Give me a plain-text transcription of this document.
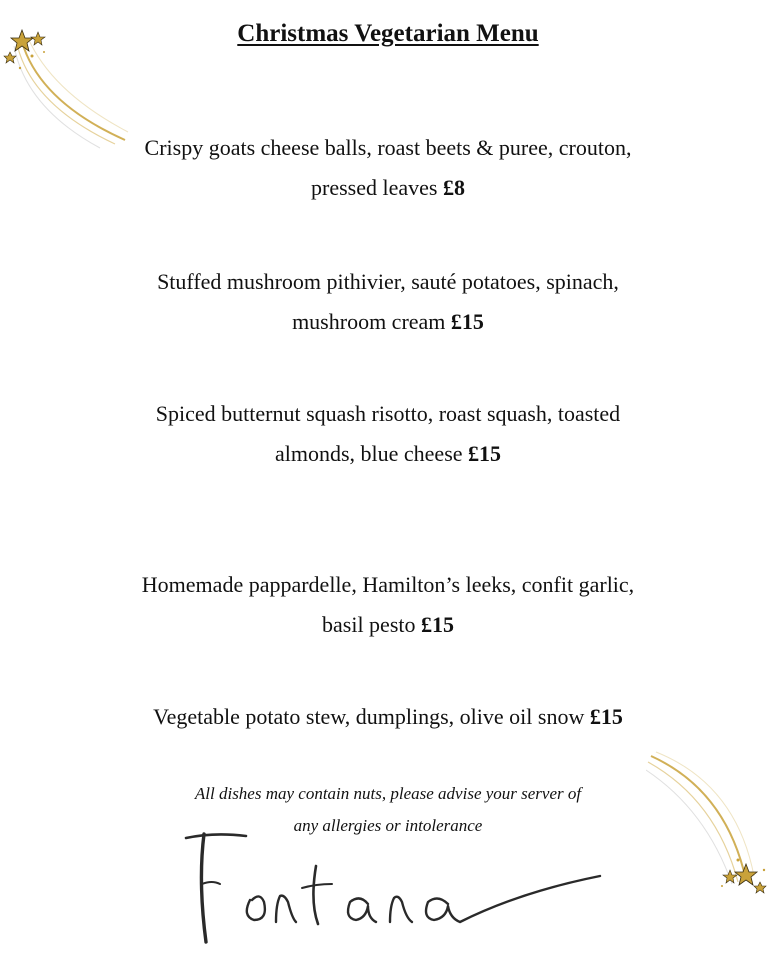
Christmas Vegetarian Menu
Crispy goats cheese balls, roast beets & puree, crouton,
pressed leaves £8
Stuffed mushroom pithivier, sauté potatoes, spinach,
mushroom cream £15
Spiced butternut squash risotto, roast squash, toasted
almonds, blue cheese £15
Homemade pappardelle, Hamilton’s leeks, confit garlic,
basil pesto £15
Vegetable potato stew, dumplings, olive oil snow £15
All dishes may contain nuts, please advise your server of
any allergies or intolerance
